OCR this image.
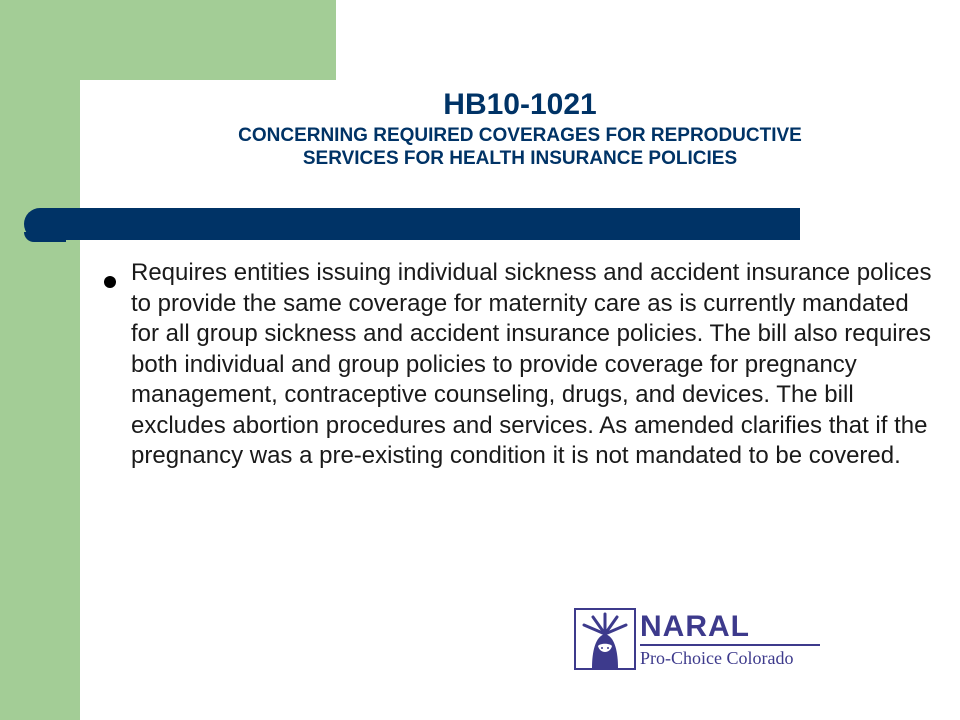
HB10-1021

CONCERNING REQUIRED COVERAGES FOR REPRODUCTIVE

SERVICES FOR HEALTH INSURANCE POLICIES

Requires entities issuing individual sickness and accident insurance polices to provide the same coverage for maternity care as is currently mandated for all group sickness and accident insurance policies. The bill also requires both individual and group policies to provide coverage for pregnancy management, contraceptive counseling, drugs, and devices. The bill excludes abortion procedures and services. As amended clarifies that if the pregnancy was a pre-existing condition it is not mandated to be covered.

NARAL
Pro-Choice Colorado
